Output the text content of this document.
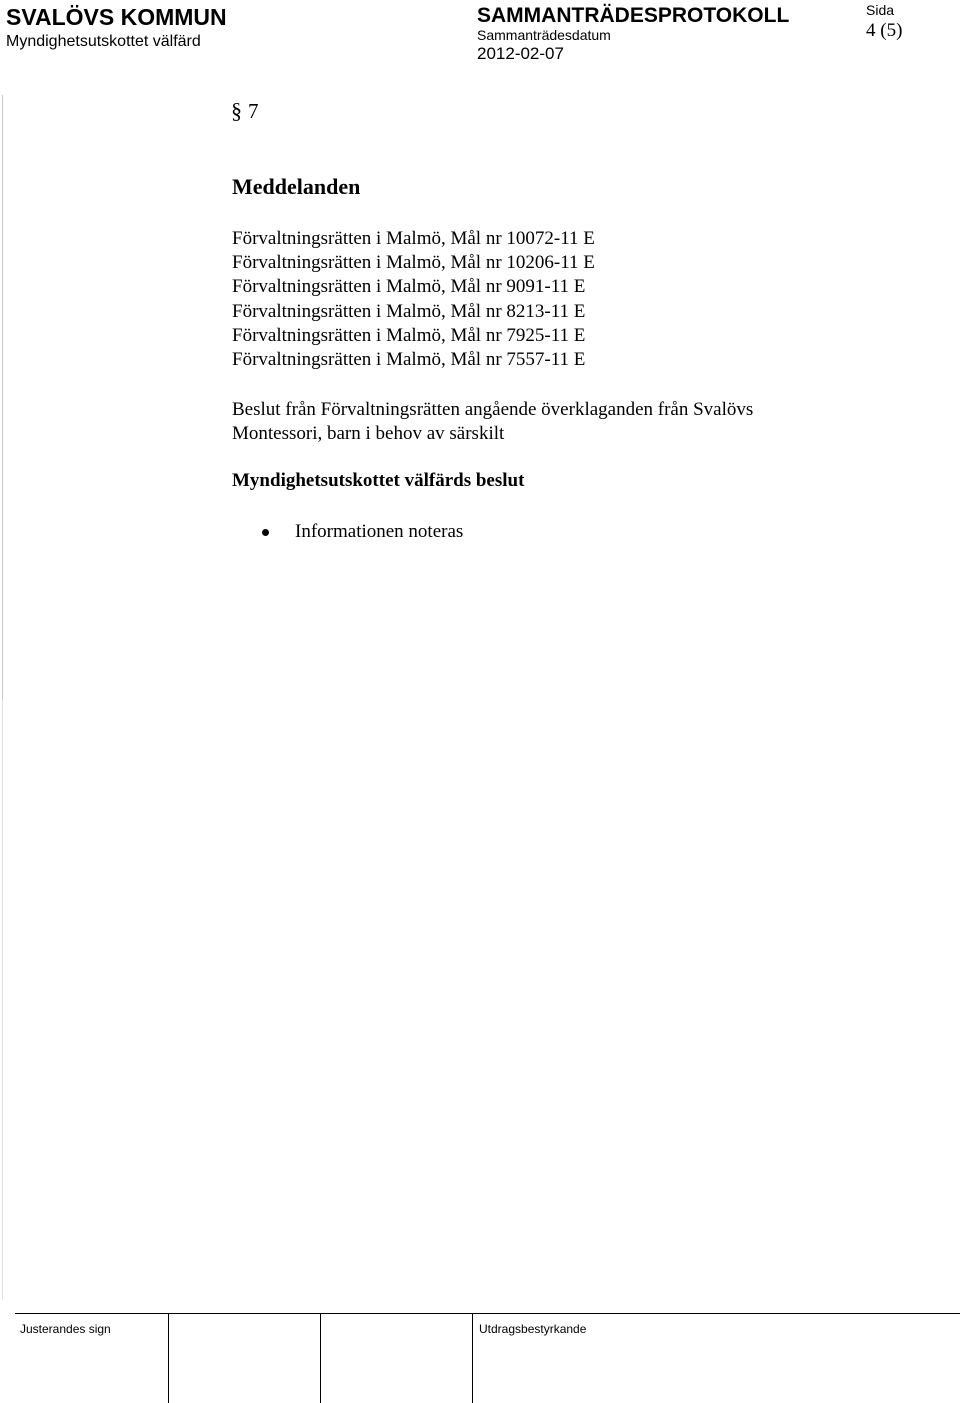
SVALÖVS KOMMUN
Myndighetsutskottet välfärd
SAMMANTRÄDESPROTOKOLL
Sammanträdesdatum
2012-02-07
Sida
4 (5)
§ 7
Meddelanden
Förvaltningsrätten i Malmö, Mål nr 10072-11 E
Förvaltningsrätten i Malmö, Mål nr 10206-11 E
Förvaltningsrätten i Malmö, Mål nr 9091-11 E
Förvaltningsrätten i Malmö, Mål nr 8213-11 E
Förvaltningsrätten i Malmö, Mål nr 7925-11 E
Förvaltningsrätten i Malmö, Mål nr 7557-11 E
Beslut från Förvaltningsrätten angående överklaganden från Svalövs
Montessori, barn i behov av särskilt
Myndighetsutskottet välfärds beslut
Informationen noteras
Justerandes sign	Utdragsbestyrkande
